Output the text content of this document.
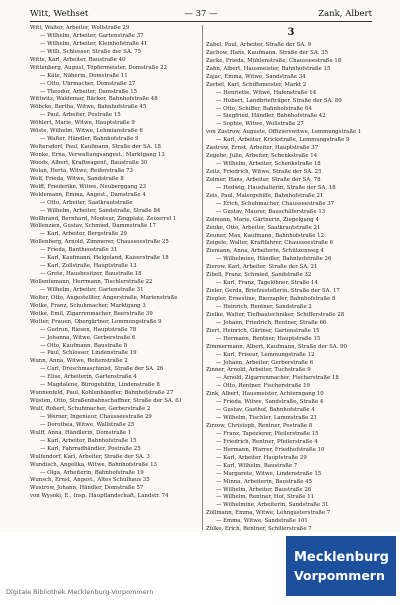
Witt, Wethset	— 37 —	Zank, Albert
Witt, Walter, Arbeiter, Wollstraße 29
— Wilhelm, Arbeiter, Gartenstraße 37
— Wilhelm, Arbeiter, Kleinhofstraße 41
— Willi, Schlosser, Straße der SA. 75
Witte, Karl, Arbeiter, Baustraße 40
Wittenberg, August, Töpfermeister, Domstraße 22
— Käte, Näherin, Domstraße 11
— Otto, Uhrmacher, Domstraße 27
— Theodor, Arbeiter, Damstraße 15
Wittwitz, Waldemar, Bäcker, Bahnhofstraße 48
Wöbcke, Bertha, Witwe, Bahnhofstraße 45
— Paul, Arbeiter, Postraße 15
Wöhlert, Marie, Witwe, Hauptstraße 9
Wöste, Wilhelm, Witwe, Lehmianstraße 6
— Walter, Händler, Bahnhofstraße 9
Woltersdorf, Paul, Kaufmann, Straße der SA. 18
Wonke, Erna, Verwaltungsangest., Marktgang 13
Woods, Albert, Kraftwagenf., Baustraße 30
Wolan, Herta, Witwe, Reiferstraße 73
Wolf, Frieda, Witwe, Sandstraße 8
Wolff, Friederike, Witwe, Neuberggang 23
Woldemann, Emma, Angest., Damstraße 4
— Otto, Arbeiter, Saatkrautstraße
— Wilhelm, Arbeiter, Sandstraße, Straße 84
Wollbrand, Bernhard, Monteur, Zingplatz, Zeizerrel 1
Wollenzien, Gustav, Schmied, Dammstraße 17
— Karl, Arbeiter, Bergstraße 29
Wollenberg, Arnold, Zimmerer, Chausseestraße 25
— Frieda, Bantheostraße 31
— Karl, Kaufmann, Helgoland, Kaiserstraße 18
— Karl, Zollstraße, Hauptstraße 13
— Grete, Hausbesitzer, Baustraße 18
Wollentemann, Herrmann, Tischlerstraße 22
— Wilhelm, Arbeiter, Gartenstraße 31
Wolter, Otto, Angestellter, Angerstraße, Marienstraße
Wotke, Franz, Schuhmacher, Marktgang 3
Wotke, Emil, Zigarrenmacher, Beerstraße 39
Wotter, Frauen, Obergärtner, Lemmungstraße 9
— Gudrun, Riesen, Hauptstraße 78
— Johanna, Witwe, Gerberstraße 6
— Otto, Kaufmann, Baustraße 8
— Paul, Schlosser, Lindenstraße 19
Wunn, Anna, Witwe, Reitenstraße 2
— Carl, Dreschmaschinist, Straße der SA. 26
— Elise, Arbeiterin, Gartenstraße 4
— Magdalene, Bürogehilfin, Lindenstraße 8
Wunnenfeld, Paul, Kohlenhändler, Bahnhofstraße 27
Wüsten, Otto, Straßenbahnschaffner, Straße der SA. 61
Wulf, Robert, Schuhmacher, Gerberstraße 2
— Werner, Ingenieur, Chausseestraße 29
— Dorothea, Witwe, Wallstraße 25
Wulff, Anna, Händlerin, Domstraße 1
— Karl, Arbeiter, Bahnhofstraße 15
— Karl, Fahrradhändler, Postraße 25
Wulfendorf, Karl, Arbeiter, Straße der SA. 3
Wundisch, Angelika, Witwe, Bahnhofstraße 13
— Olga, Arbeiterin, Bahnhofstraße 19
Wunsch, Ernst, Angest., Altes Schulhaus 35
Wustrow, Johann, Händler, Domstraße 57
von Wysoki, E., Insp. Hauptlandschaft, Landstr. 74
3
Zabel, Paul, Arbeiter, Straße der SA. 9
Zachow, Hans, Kaufmann, Straße der SA. 35
Zacke, Frieda, Mühlenstraße, Chausseestraße 18
Zahn, Albert, Hausmeister, Bahnhofstraße 15
Zajac, Emma, Witwe, Sandstraße 34
Zarbel, Karl, Schiffsmeister, Markt 2
— Henriette, Witwe, Hafenstraße 14
— Hubert, Landbriefträger, Straße der SA. 80
— Otto, Schiffer, Bahnhofstraße 64
— Siegfried, Händler, Bahnhofstraße 42
— Sophie, Witwe, Wollstraße 27
von Zastrow, Auguste, Offizierswitwe, Lemmungstraße 1
— Karl, Arbeiter, Krickstraße, Lemmungstraße 9
Zastrow, Ernst, Arbeiter, Hauptstraße 37
Zegebe, Julie, Arbeiter, Schenkstraße 14
— Wilhelm, Arbeiter, Schenkstraße 18
Zeitz, Friedrich, Witwe, Straße der SA. 25
Zelmer, Hans, Arbeiter, Straße der SA. 78
— Hedwig, Haushalterin, Straße der SA. 18
Zeis, Paul, Malergehilfe, Bahnhofstraße 21
— Erich, Schuhmacher, Chausseestraße 37
— Gustav, Maurer, Bauschäferstraße 13
Zelmann, Marie, Gärtnerin, Ziegelgang 4
Zenke, Otto, Arbeiter, Saatkrautstraße 21
Zeuner, Max, Kaufmann, Bahnhofstraße 12
Zeigele, Walter, Kraftfahrer, Chausseestraße 6
Ziemann, Anna, Arbeiterin, Schützenweg 4
— Wilhelmine, Händler, Bahnhofstraße 26
Zierow, Karl, Arbeiter, Straße der SA. 21
Zibell, Franz, Schmied, Sandstraße 32
— Karl, Franz, Tagelöhner, Straße 14
Zieler, Gerda, Briefzustellerin, Straße der SA. 17
Ziegler, Ernestine, Bierzapfer, Bahnhofstraße 8
— Heinrich, Rentner, Sandstraße 2
Zielke, Walter, Tiefbautechniker, Schifferstraße 28
— Johann, Friedrich, Rentner, Straße 66
Ziert, Heinrich, Gärtner, Gartenstraße 15
— Hermann, Rentner, Hauptstraße 15
Zimmermann, Albert, Kaufmann, Straße der SA. 90
— Karl, Friseur, Lemmungstraße 12
— Johann, Arbeiter, Gerberstraße 6
Zinner, Arnold, Arbeiter, Tuchstraße 9
— Arnold, Zigarrenmacher, Fischerstraße 18
— Otto, Rentner, Fischerstraße 19
Zink, Albert, Hausmeister, Achterngang 10
— Frieda, Witwe, Sandstraße, Straße 4
— Gustav, Gasthof, Bahnhofstraße 4
— Wilhelm, Tischler, Lammstraße 21
Zirzow, Christoph, Rentner, Postraße 8
— Franz, Tapezierer, Pfeilerstraße 15
— Friedrich, Rentner, Pfeilerstraße 4
— Hermann, Pfarrer, Friedhofstraße 10
— Karl, Arbeiter, Hauptstraße 29
— Karl, Wilhelm, Baustraße 7
— Margarete, Witwe, Lindenstraße 15
— Minna, Arbeiterin, Baustraße 45
— Wilhelm, Arbeiter, Baustraße 26
— Wilhelm, Rentner, Hof, Straße 11
— Wilhelmine, Arbeiterin, Sandstraße 31
Zöllmann, Emma, Witwe, Lehngasterstraße 7
— Emma, Witwe, Sandstraße 101
Zülke, Erich, Rentner, Schillerstraße 7
Digitale Bibliothek Mecklenburg-Vorpommern
Mecklenburg
Vorpommern
